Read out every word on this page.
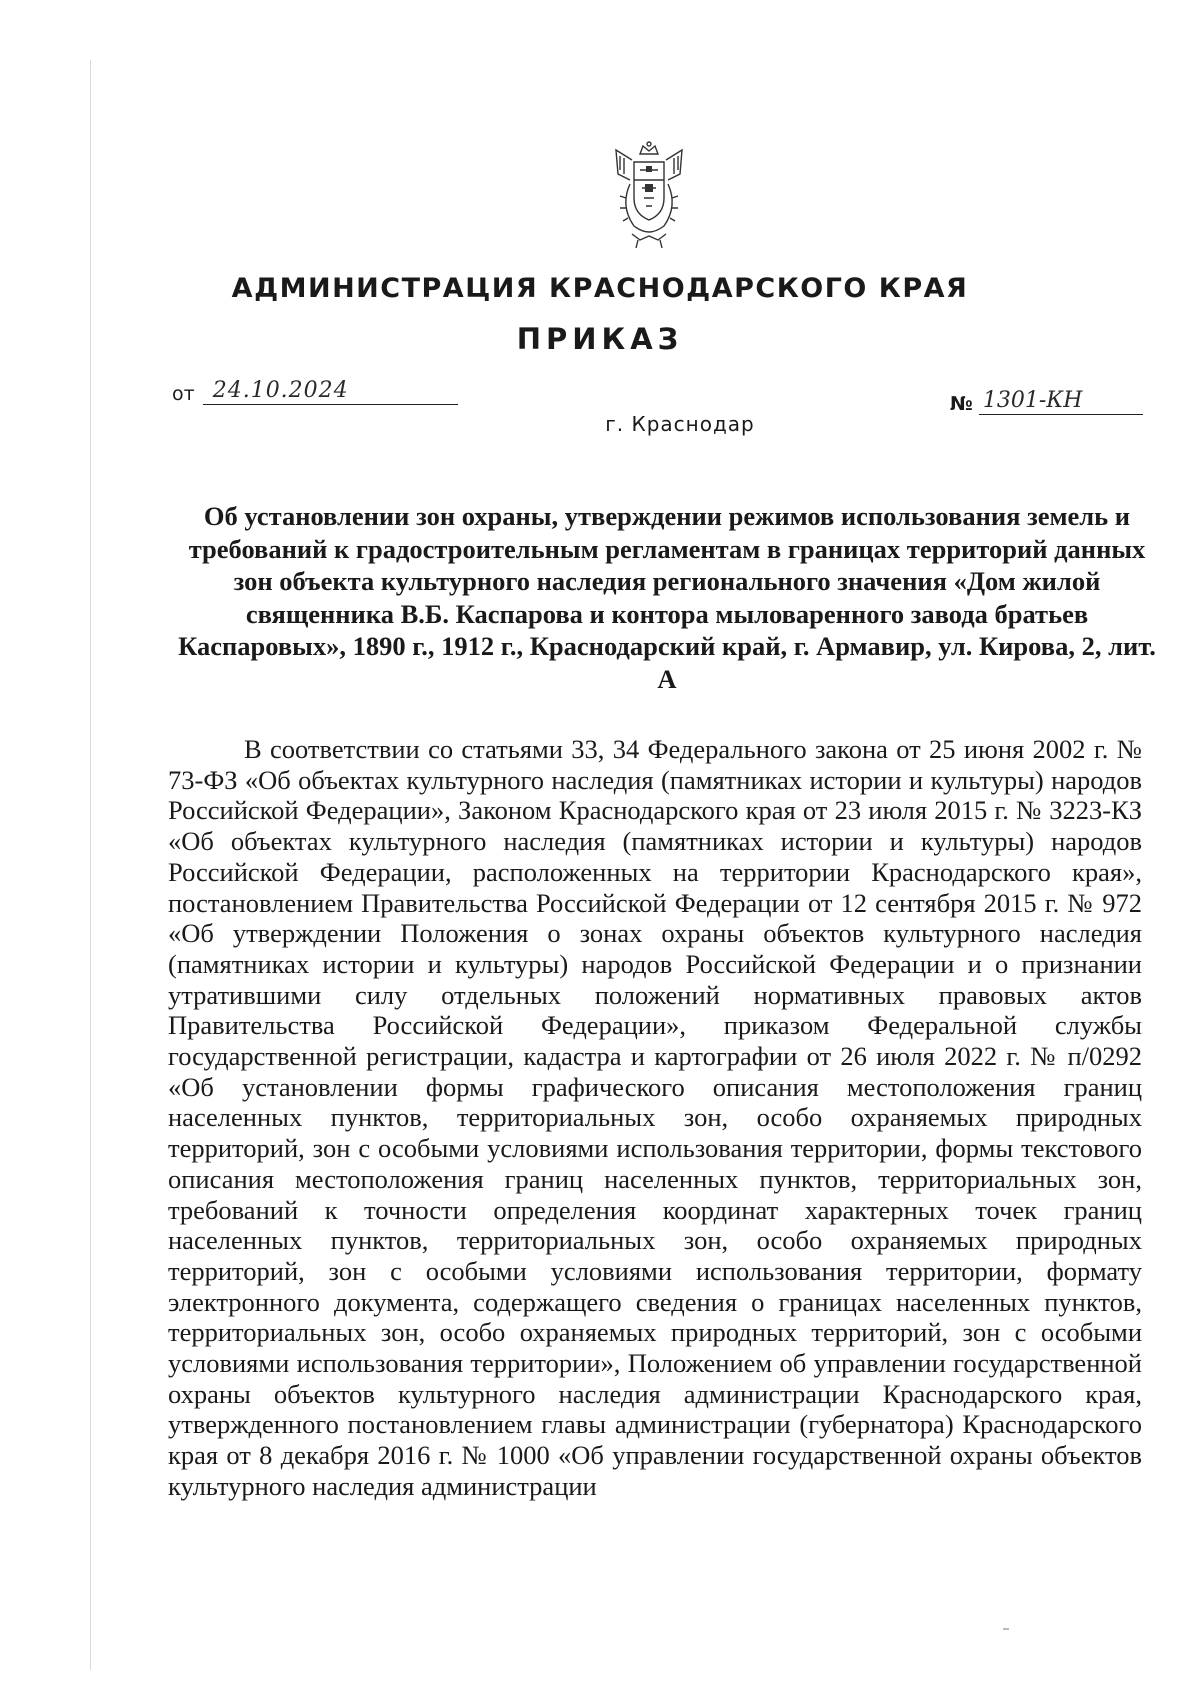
АДМИНИСТРАЦИЯ КРАСНОДАРСКОГО КРАЯ
ПРИКАЗ
от 24.10.2024
№ 1301-КН

г. Краснодар

Об установлении зон охраны, утверждении режимов использования земель и требований к градостроительным регламентам в границах территорий данных зон объекта культурного наследия регионального значения «Дом жилой священника В.Б. Каспарова и контора мыловаренного завода братьев Каспаровых», 1890 г., 1912 г., Краснодарский край, г. Армавир, ул. Кирова, 2, лит. А

В соответствии со статьями 33, 34 Федерального закона от 25 июня 2002 г. № 73-ФЗ «Об объектах культурного наследия (памятниках истории и культуры) народов Российской Федерации», Законом Краснодарского края от 23 июля 2015 г. № 3223-КЗ «Об объектах культурного наследия (памятниках истории и культуры) народов Российской Федерации, расположенных на территории Краснодарского края», постановлением Правительства Российской Федерации от 12 сентября 2015 г. № 972 «Об утверждении Положения о зонах охраны объектов культурного наследия (памятниках истории и культуры) народов Российской Федерации и о признании утратившими силу отдельных положений нормативных правовых актов Правительства Российской Федерации», приказом Федеральной службы государственной регистрации, кадастра и картографии от 26 июля 2022 г. № п/0292 «Об установлении формы графического описания местоположения границ населенных пунктов, территориальных зон, особо охраняемых природных территорий, зон с особыми условиями использования территории, формы текстового описания местоположения границ населенных пунктов, территориальных зон, требований к точности определения координат характерных точек границ населенных пунктов, территориальных зон, особо охраняемых природных территорий, зон с особыми условиями использования территории, формату электронного документа, содержащего сведения о границах населенных пунктов, территориальных зон, особо охраняемых природных территорий, зон с особыми условиями использования территории», Положением об управлении государственной охраны объектов культурного наследия администрации Краснодарского края, утвержденного постановлением главы администрации (губернатора) Краснодарского края от 8 декабря 2016 г. № 1000 «Об управлении государственной охраны объектов культурного наследия администрации
